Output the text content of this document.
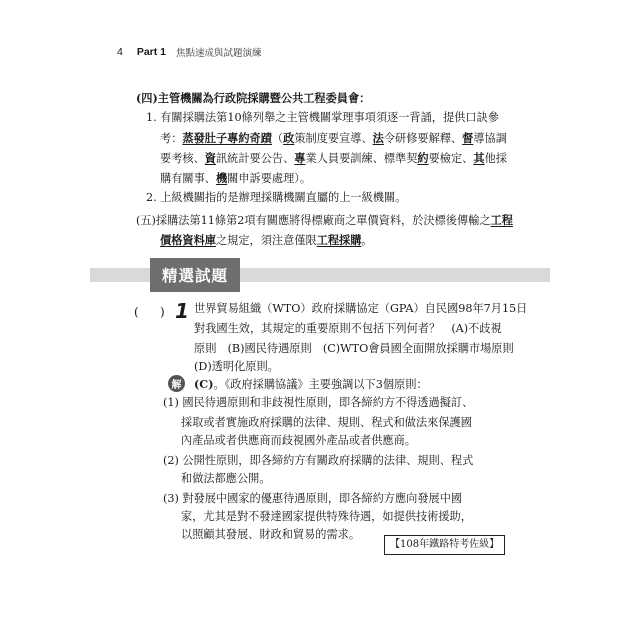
4 Part 1 焦點速成與試題演練
(四)主管機關為行政院採購暨公共工程委員會：
1. 有關採購法第10條列舉之主管機關掌理事項須逐一背誦，提供口訣參
考：蒸發肚子專約奇蹟（政策制度要宣導、法令研修要解釋、督導協調
要考核、資訊統計要公告、專業人員要訓練、標準契約要檢定、其他採
購有關事、機關申訴要處理）。
2. 上級機關指的是辦理採購機關直屬的上一級機關。
(五)採購法第11條第2項有關應將得標廠商之單價資料，於決標後傳輸之工程
價格資料庫之規定，須注意僅限工程採購。
精選試題
( ) 1 世界貿易組織（WTO）政府採購協定（GPA）自民國98年7月15日
對我國生效，其規定的重要原則不包括下列何者？　(A)不歧視
原則　(B)國民待遇原則　(C)WTO會員國全面開放採購市場原則
(D)透明化原則。
解	(C)。《政府採購協議》主要強調以下3個原則：
(1) 國民待遇原則和非歧視性原則，即各締約方不得透過擬訂、
採取或者實施政府採購的法律、規則、程式和做法來保護國
內產品或者供應商而歧視國外產品或者供應商。
(2) 公開性原則，即各締約方有關政府採購的法律、規則、程式
和做法都應公開。
(3) 對發展中國家的優惠待遇原則，即各締約方應向發展中國
家，尤其是對不發達國家提供特殊待遇，如提供技術援助，
以照顧其發展、財政和貿易的需求。
【108年鐵路特考佐級】
